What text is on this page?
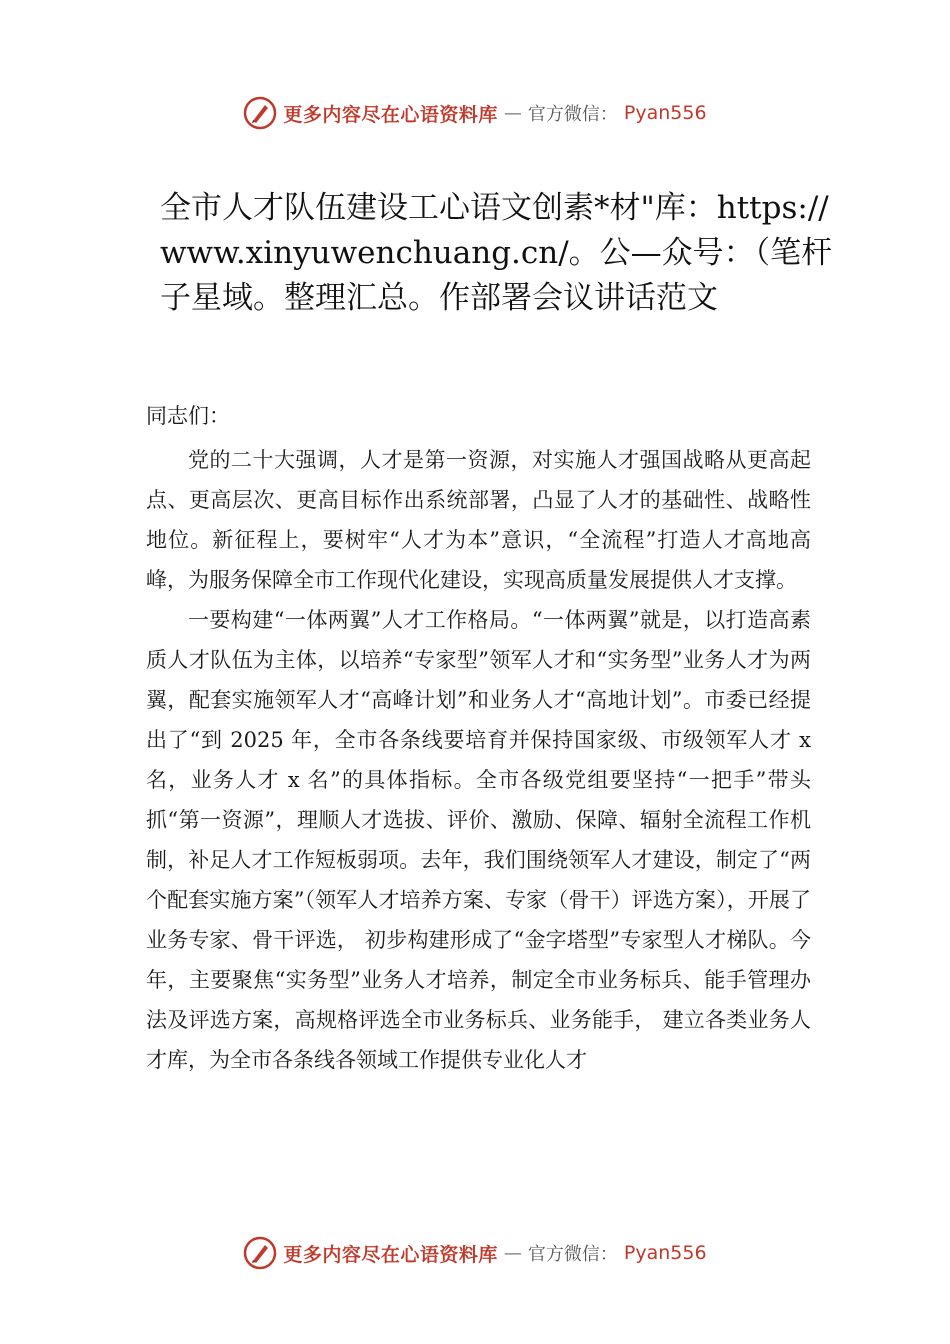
更多内容尽在心语资料库 — 官方微信： Pyan556
全市人才队伍建设工心语文创素*材"库：https://www.xinyuwenchuang.cn/。公—众号：（笔杆子星域。整理汇总。作部署会议讲话范文

同志们：

党的二十大强调，人才是第一资源，对实施人才强国战略从更高起点、更高层次、更高目标作出系统部署，凸显了人才的基础性、战略性地位。新征程上，要树牢“人才为本”意识，“全流程”打造人才高地高峰，为服务保障全市工作现代化建设，实现高质量发展提供人才支撑。

一要构建“一体两翼”人才工作格局。“一体两翼”就是，以打造高素质人才队伍为主体，以培养“专家型”领军人才和“实务型”业务人才为两翼，配套实施领军人才“高峰计划”和业务人才“高地计划”。市委已经提出了“到 2025 年，全市各条线要培育并保持国家级、市级领军人才 x 名，业务人才 x 名”的具体指标。全市各级党组要坚持“一把手”带头抓“第一资源”，理顺人才选拔、评价、激励、保障、辐射全流程工作机制，补足人才工作短板弱项。去年，我们围绕领军人才建设，制定了“两个配套实施方案”（领军人才培养方案、专家（骨干）评选方案），开展了业务专家、骨干评选， 初步构建形成了“金字塔型”专家型人才梯队。今年，主要聚焦“实务型”业务人才培养，制定全市业务标兵、能手管理办法及评选方案，高规格评选全市业务标兵、业务能手， 建立各类业务人才库，为全市各条线各领域工作提供专业化人才

更多内容尽在心语资料库 — 官方微信： Pyan556
